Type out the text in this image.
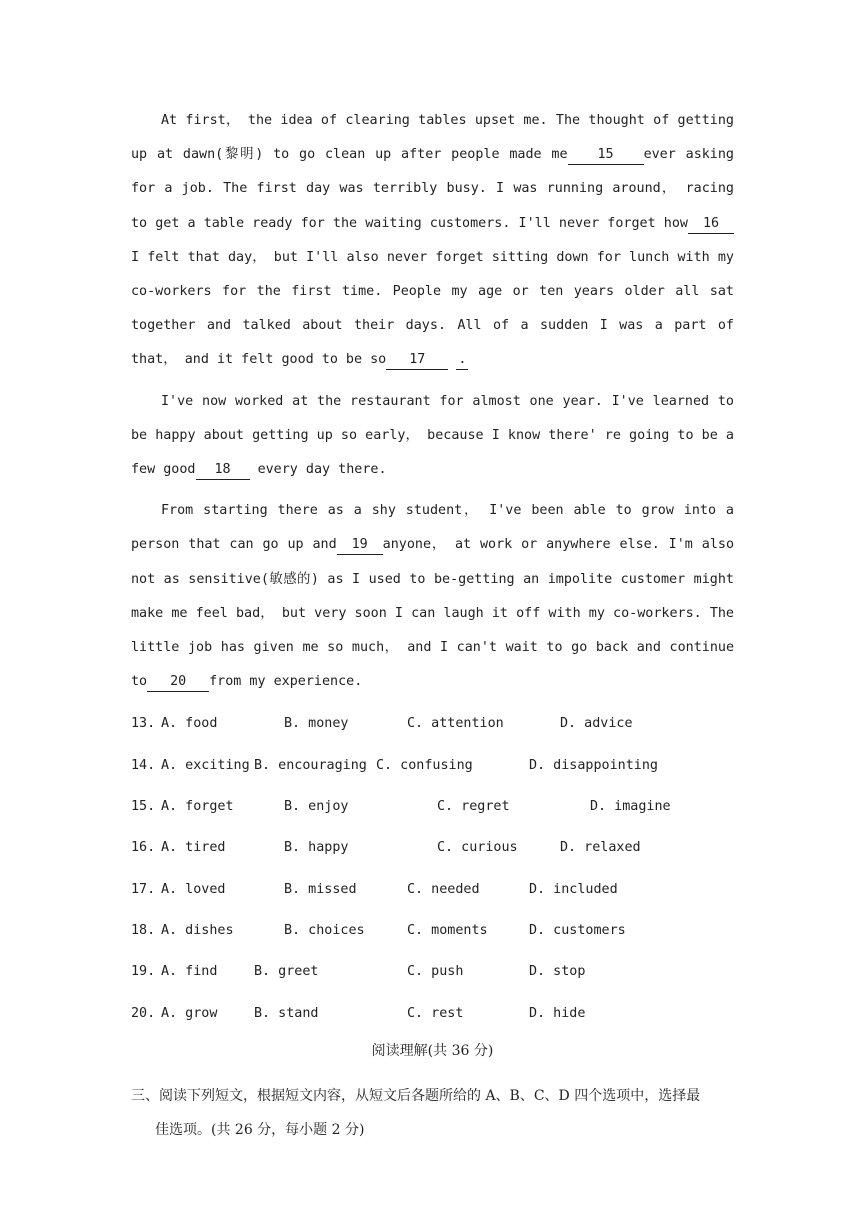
At first， the idea of clearing tables upset me. The thought of getting up at dawn(黎明) to go clean up after people made me 15 ever asking for a job. The first day was terribly busy. I was running around， racing to get a table ready for the waiting customers. I'll never forget how 16I felt that day， but I'll also never forget sitting down for lunch with my co-workers for the first time. People my age or ten years older all sat together and talked about their days. All of a sudden I was a part of that， and it felt good to be so 17 .

I've now worked at the restaurant for almost one year. I've learned to be happy about getting up so early， because I know there' re going to be a few good 18 every day there.

From starting there as a shy student， I've been able to grow into a person that can go up and 19 anyone， at work or anywhere else. I'm also not as sensitive(敏感的) as I used to be-getting an impolite customer might make me feel bad， but very soon I can laugh it off with my co-workers. The little job has given me so much， and I can't wait to go back and continue to 20 from my experience.

13. A. food	B. money	C. attention	D. advice
14. A. exciting B. encouraging C. confusing	D. disappointing
15. A. forget	B. enjoy	C. regret	D. imagine
16. A. tired	B. happy	C. curious	D. relaxed
17. A. loved	B. missed	C. needed	D. included
18. A. dishes	B. choices	C. moments	D. customers
19. A. find	B. greet	C. push	D. stop
20. A. grow	B. stand	C. rest	D. hide
阅读理解(共 36 分)
三、阅读下列短文，根据短文内容，从短文后各题所给的 A、B、C、D 四个选项中，选择最
佳选项。(共 26 分，每小题 2 分)
